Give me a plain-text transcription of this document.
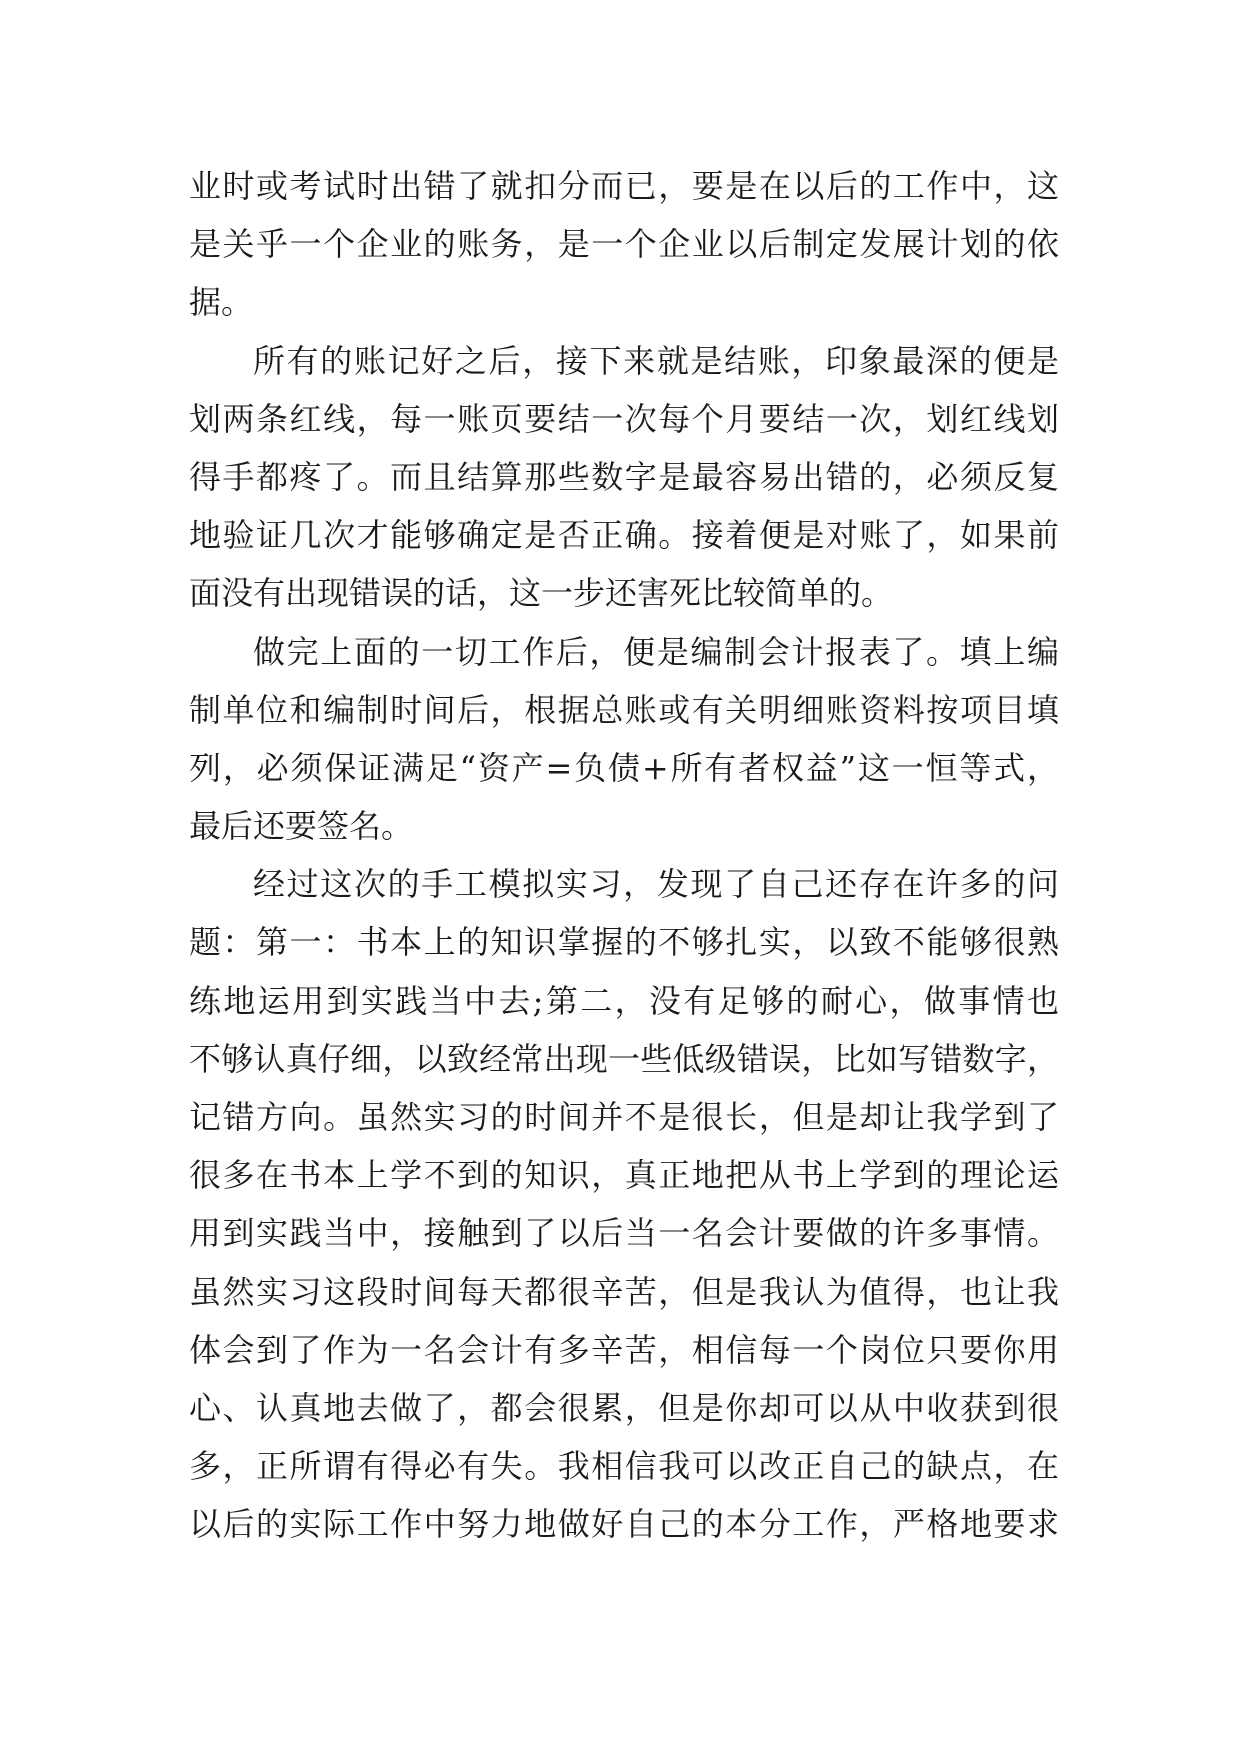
业时或考试时出错了就扣分而已，要是在以后的工作中，这
是关乎一个企业的账务，是一个企业以后制定发展计划的依
据。
所有的账记好之后，接下来就是结账，印象最深的便是
划两条红线，每一账页要结一次每个月要结一次，划红线划
得手都疼了。而且结算那些数字是最容易出错的，必须反复
地验证几次才能够确定是否正确。接着便是对账了，如果前
面没有出现错误的话，这一步还害死比较简单的。
做完上面的一切工作后，便是编制会计报表了。填上编
制单位和编制时间后，根据总账或有关明细账资料按项目填
列，必须保证满足“资产=负债+所有者权益”这一恒等式，
最后还要签名。
经过这次的手工模拟实习，发现了自己还存在许多的问
题：第一：书本上的知识掌握的不够扎实，以致不能够很熟
练地运用到实践当中去;第二，没有足够的耐心，做事情也
不够认真仔细，以致经常出现一些低级错误，比如写错数字，
记错方向。虽然实习的时间并不是很长，但是却让我学到了
很多在书本上学不到的知识，真正地把从书上学到的理论运
用到实践当中，接触到了以后当一名会计要做的许多事情。
虽然实习这段时间每天都很辛苦，但是我认为值得，也让我
体会到了作为一名会计有多辛苦，相信每一个岗位只要你用
心、认真地去做了，都会很累，但是你却可以从中收获到很
多，正所谓有得必有失。我相信我可以改正自己的缺点，在
以后的实际工作中努力地做好自己的本分工作，严格地要求
